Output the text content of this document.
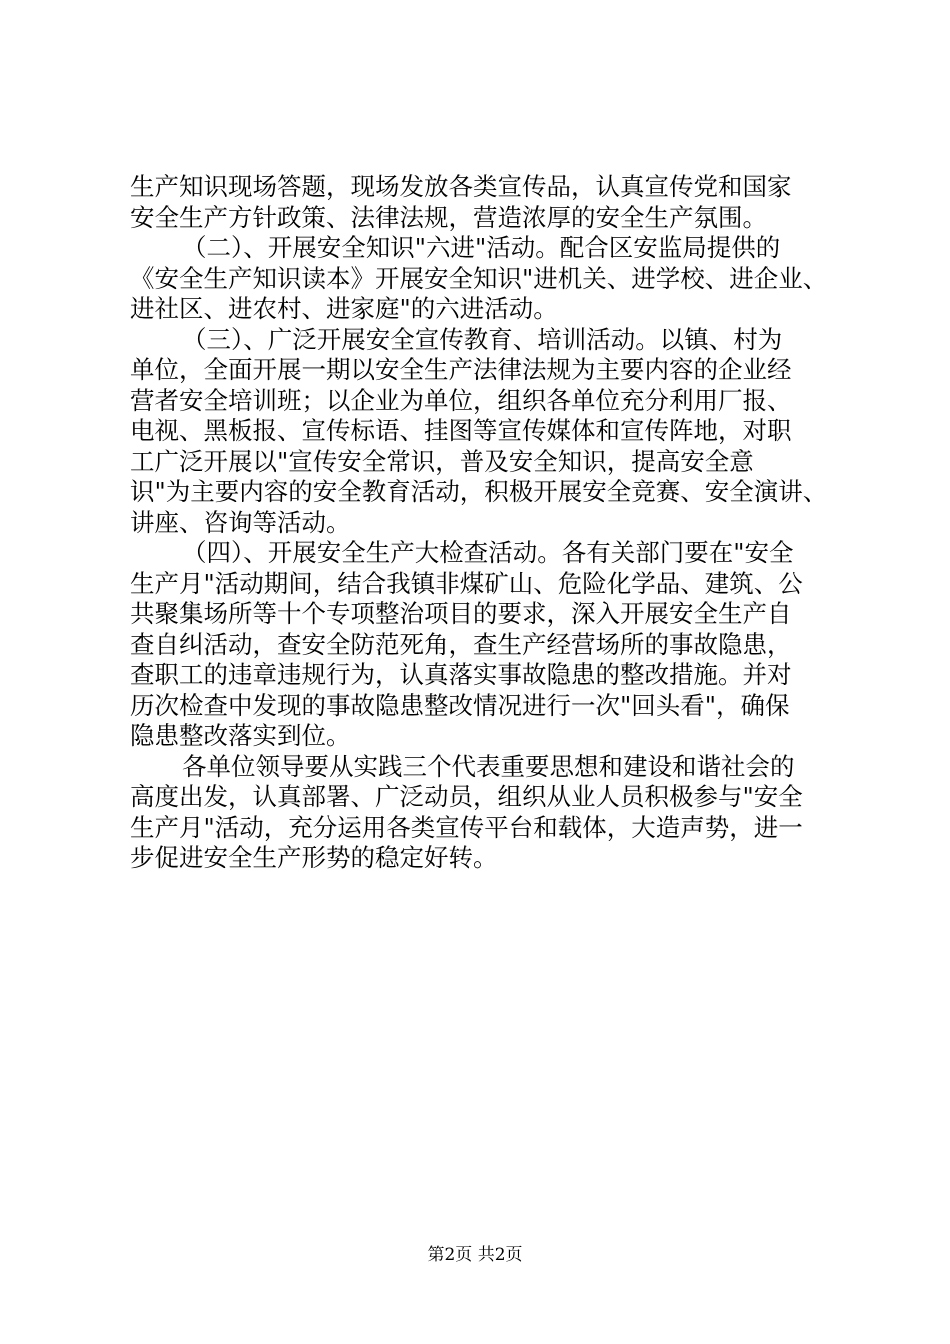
生产知识现场答题，现场发放各类宣传品，认真宣传党和国家
安全生产方针政策、法律法规，营造浓厚的安全生产氛围。
（二）、开展安全知识"六进"活动。配合区安监局提供的
《安全生产知识读本》开展安全知识"进机关、进学校、进企业、
进社区、进农村、进家庭"的六进活动。
（三）、广泛开展安全宣传教育、培训活动。以镇、村为
单位，全面开展一期以安全生产法律法规为主要内容的企业经
营者安全培训班；以企业为单位，组织各单位充分利用厂报、
电视、黑板报、宣传标语、挂图等宣传媒体和宣传阵地，对职
工广泛开展以"宣传安全常识，普及安全知识，提高安全意
识"为主要内容的安全教育活动，积极开展安全竞赛、安全演讲、
讲座、咨询等活动。
（四）、开展安全生产大检查活动。各有关部门要在"安全
生产月"活动期间，结合我镇非煤矿山、危险化学品、建筑、公
共聚集场所等十个专项整治项目的要求，深入开展安全生产自
查自纠活动，查安全防范死角，查生产经营场所的事故隐患，
查职工的违章违规行为，认真落实事故隐患的整改措施。并对
历次检查中发现的事故隐患整改情况进行一次"回头看"，确保
隐患整改落实到位。
各单位领导要从实践三个代表重要思想和建设和谐社会的
高度出发，认真部署、广泛动员，组织从业人员积极参与"安全
生产月"活动，充分运用各类宣传平台和载体，大造声势，进一
步促进安全生产形势的稳定好转。
第2页 共2页
